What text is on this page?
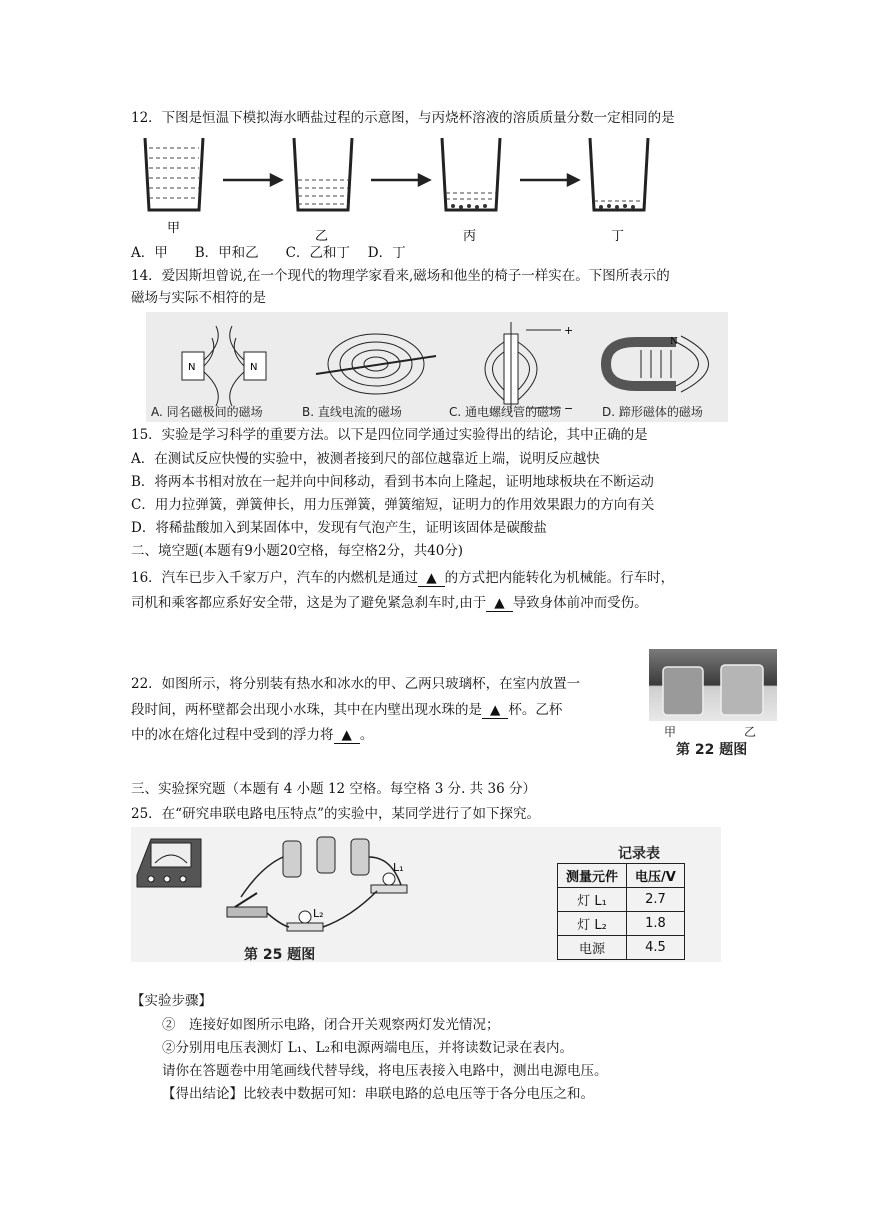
12．下图是恒温下模拟海水晒盐过程的示意图，与丙烧杯溶液的溶质质量分数一定相同的是
甲
乙	丙	丁
A．甲　　B．甲和乙　　C．乙和丁　 D．丁
14．爱因斯坦曾说,在一个现代的物理学家看来,磁场和他坐的椅子一样实在。下图所表示的
磁场与实际不相符的是
N	N
+
−
N
A. 同名磁极间的磁场	B. 直线电流的磁场	C. 通电螺线管的磁场	D. 蹄形磁体的磁场
15．实验是学习科学的重要方法。以下是四位同学通过实验得出的结论，其中正确的是
A．在测试反应快慢的实验中，被测者接到尺的部位越靠近上端，说明反应越快
B．将两本书相对放在一起并向中间移动，看到书本向上隆起，证明地球板块在不断运动
C．用力拉弹簧，弹簧伸长，用力压弹簧，弹簧缩短，证明力的作用效果跟力的方向有关
D．将稀盐酸加入到某固体中，发现有气泡产生，证明该固体是碳酸盐
二、境空题(本题有9小题20空格，每空格2分，共40分)
16．汽车已步入千家万户，汽车的内燃机是通过 ▲ 的方式把内能转化为机械能。行车时，
司机和乘客都应系好安全带，这是为了避免紧急刹车时,由于 ▲ 导致身体前冲而受伤。
22．如图所示，将分别装有热水和冰水的甲、乙两只玻璃杯，在室内放置一
段时间，两杯壁都会出现小水珠，其中在内壁出现水珠的是 ▲ 杯。乙杯
中的冰在熔化过程中受到的浮力将 ▲ 。	甲	乙
第 22 题图
三、实验探究题（本题有 4 小题 12 空格。每空格 3 分. 共 36 分）
25．在“研究串联电路电压特点”的实验中，某同学进行了如下探究。
L₁
L₂
第 25 题图
记录表
测量元件	电压/V
灯 L₁	2.7
灯 L₂	1.8
电源	4.5
【实验步骤】
②　连接好如图所示电路，闭合开关观察两灯发光情况；
②分别用电压表测灯 L₁、L₂和电源两端电压，并将读数记录在表内。
请你在答题卷中用笔画线代替导线，将电压表接入电路中，测出电源电压。
【得出结论】比较表中数据可知：串联电路的总电压等于各分电压之和。
